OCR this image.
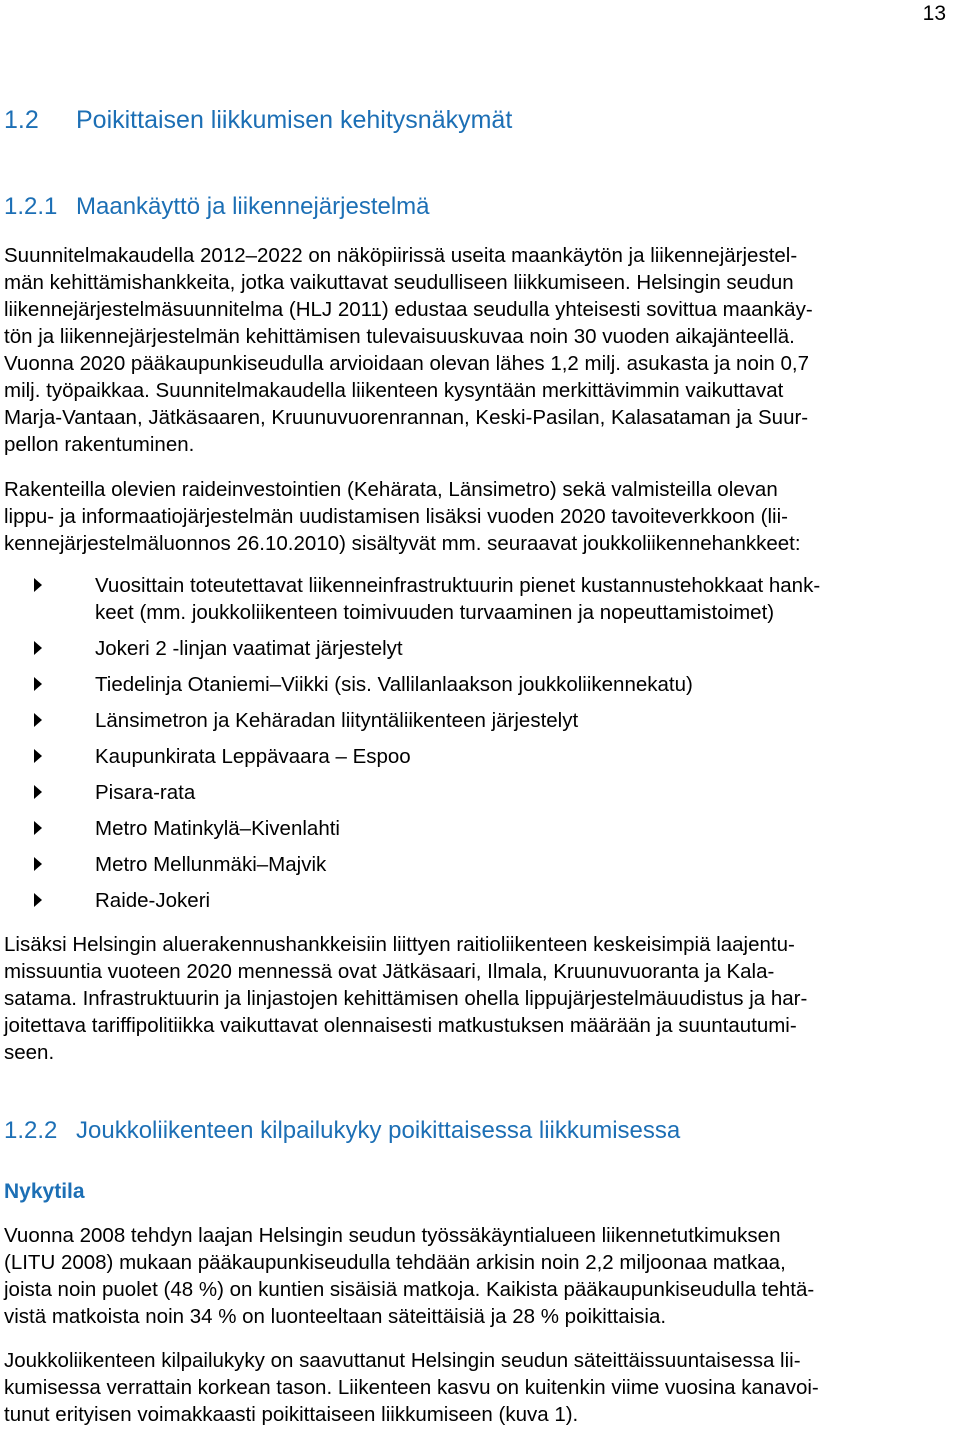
13
1.2 Poikittaisen liikkumisen kehitysnäkymät
1.2.1 Maankäyttö ja liikennejärjestelmä

Suunnitelmakaudella 2012–2022 on näköpiirissä useita maankäytön ja liikennejärjestel-
män kehittämishankkeita, jotka vaikuttavat seudulliseen liikkumiseen. Helsingin seudun
liikennejärjestelmäsuunnitelma (HLJ 2011) edustaa seudulla yhteisesti sovittua maankäy-
tön ja liikennejärjestelmän kehittämisen tulevaisuuskuvaa noin 30 vuoden aikajänteellä.
Vuonna 2020 pääkaupunkiseudulla arvioidaan olevan lähes 1,2 milj. asukasta ja noin 0,7
milj. työpaikkaa. Suunnitelmakaudella liikenteen kysyntään merkittävimmin vaikuttavat
Marja-Vantaan, Jätkäsaaren, Kruunuvuorenrannan, Keski-Pasilan, Kalasataman ja Suur-
pellon rakentuminen.

Rakenteilla olevien raideinvestointien (Kehärata, Länsimetro) sekä valmisteilla olevan
lippu- ja informaatiojärjestelmän uudistamisen lisäksi vuoden 2020 tavoiteverkkoon (lii-
kennejärjestelmäluonnos 26.10.2010) sisältyvät mm. seuraavat joukkoliikennehankkeet:

Vuosittain toteutettavat liikenneinfrastruktuurin pienet kustannustehokkaat hank-
keet (mm. joukkoliikenteen toimivuuden turvaaminen ja nopeuttamistoimet)
Jokeri 2 -linjan vaatimat järjestelyt
Tiedelinja Otaniemi–Viikki (sis. Vallilanlaakson joukkoliikennekatu)
Länsimetron ja Kehäradan liityntäliikenteen järjestelyt
Kaupunkirata Leppävaara – Espoo
Pisara-rata
Metro Matinkylä–Kivenlahti
Metro Mellunmäki–Majvik
Raide-Jokeri

Lisäksi Helsingin aluerakennushankkeisiin liittyen raitioliikenteen keskeisimpiä laajentu-
missuuntia vuoteen 2020 mennessä ovat Jätkäsaari, Ilmala, Kruunuvuoranta ja Kala-
satama. Infrastruktuurin ja linjastojen kehittämisen ohella lippujärjestelmäuudistus ja har-
joitettava tariffipolitiikka vaikuttavat olennaisesti matkustuksen määrään ja suuntautumi-
seen.

1.2.2 Joukkoliikenteen kilpailukyky poikittaisessa liikkumisessa
Nykytila

Vuonna 2008 tehdyn laajan Helsingin seudun työssäkäyntialueen liikennetutkimuksen
(LITU 2008) mukaan pääkaupunkiseudulla tehdään arkisin noin 2,2 miljoonaa matkaa,
joista noin puolet (48 %) on kuntien sisäisiä matkoja. Kaikista pääkaupunkiseudulla tehtä-
vistä matkoista noin 34 % on luonteeltaan säteittäisiä ja 28 % poikittaisia.

Joukkoliikenteen kilpailukyky on saavuttanut Helsingin seudun säteittäissuuntaisessa lii-
kumisessa verrattain korkean tason. Liikenteen kasvu on kuitenkin viime vuosina kanavoi-
tunut erityisen voimakkaasti poikittaiseen liikkumiseen (kuva 1).
